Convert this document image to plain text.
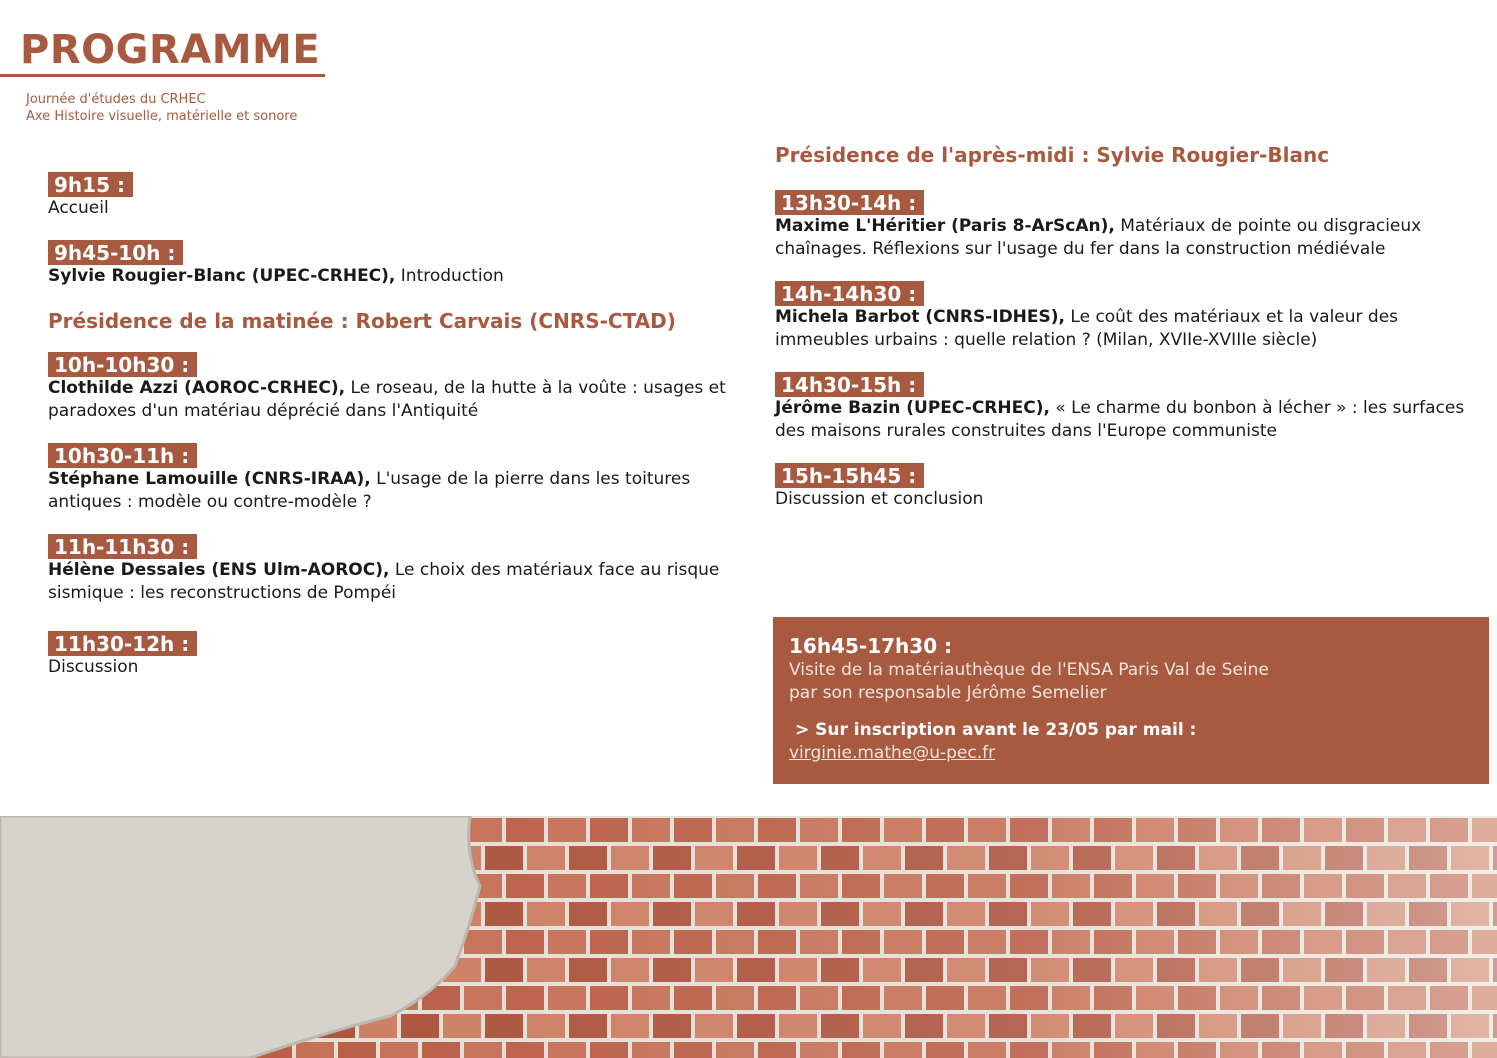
PROGRAMME
Journée d'études du CRHEC
Axe Histoire visuelle, matérielle et sonore
9h15 :
Accueil
9h45-10h :
Sylvie Rougier-Blanc (UPEC-CRHEC), Introduction
Présidence de la matinée : Robert Carvais (CNRS-CTAD)
10h-10h30 :
Clothilde Azzi (AOROC-CRHEC), Le roseau, de la hutte à la voûte : usages et paradoxes d'un matériau déprécié dans l'Antiquité
10h30-11h :
Stéphane Lamouille (CNRS-IRAA), L'usage de la pierre dans les toitures antiques : modèle ou contre-modèle ?
11h-11h30 :
Hélène Dessales (ENS Ulm-AOROC), Le choix des matériaux face au risque sismique : les reconstructions de Pompéi
11h30-12h :
Discussion
Présidence de l'après-midi : Sylvie Rougier-Blanc
13h30-14h :
Maxime L'Héritier (Paris 8-ArScAn), Matériaux de pointe ou disgracieux chaînages. Réflexions sur l'usage du fer dans la construction médiévale
14h-14h30 :
Michela Barbot (CNRS-IDHES), Le coût des matériaux et la valeur des immeubles urbains : quelle relation ? (Milan, XVIIe-XVIIIe siècle)
14h30-15h :
Jérôme Bazin (UPEC-CRHEC), « Le charme du bonbon à lécher » : les surfaces des maisons rurales construites dans l'Europe communiste
15h-15h45 :
Discussion et conclusion
16h45-17h30 :
Visite de la matériauthèque de l'ENSA Paris Val de Seine
par son responsable Jérôme Semelier
> Sur inscription avant le 23/05 par mail :
virginie.mathe@u-pec.fr
